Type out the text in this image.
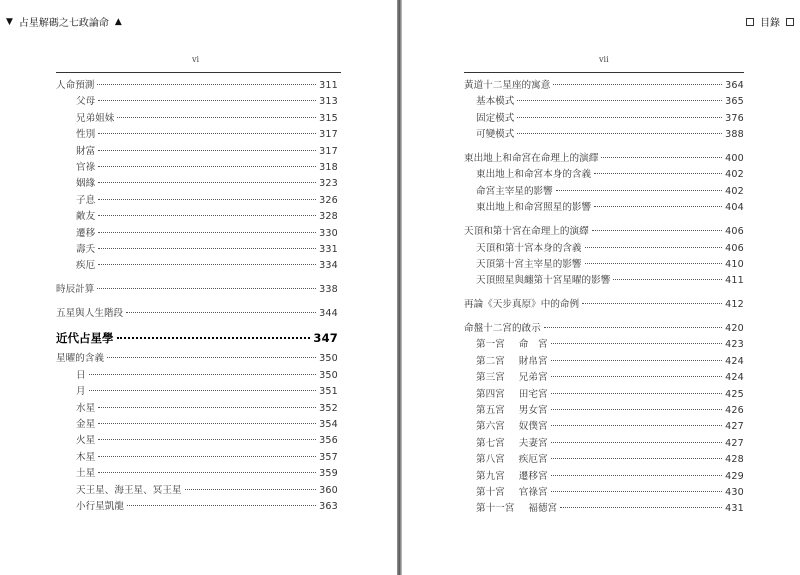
▼ 占星解碼之七政論命 ▲
vi
人命預測	311
父母	313
兄弟姐妹	315
性別	317
財富	317
官祿	318
姻緣	323
子息	326
敵友	328
遷移	330
壽夭	331
疾厄	334
時辰計算	338
五星與人生階段	344
近代占星學	347
星曜的含義	350
日	350
月	351
水星	352
金星	354
火星	356
木星	357
土星	359
天王星、海王星、冥王星	360
小行星凱龍	363
目錄
vii
黃道十二星座的寓意	364
基本模式	365
固定模式	376
可變模式	388
東出地上和命宮在命理上的演繹	400
東出地上和命宮本身的含義	402
命宮主宰星的影響	402
東出地上和命宮照星的影響	404
天頂和第十宮在命理上的演繹	406
天頂和第十宮本身的含義	406
天頂第十宮主宰星的影響	410
天頂照星與纏第十宮星曜的影響	411
再論《天步真原》中的命例	412
命盤十二宮的啟示	420
第一宮 命　宮	423
第二宮 財帛宮	424
第三宮 兄弟宮	424
第四宮 田宅宮	425
第五宮 男女宮	426
第六宮 奴僕宮	427
第七宮 夫妻宮	427
第八宮 疾厄宮	428
第九宮 遷移宮	429
第十宮 官祿宮	430
第十一宮 福德宮	431
